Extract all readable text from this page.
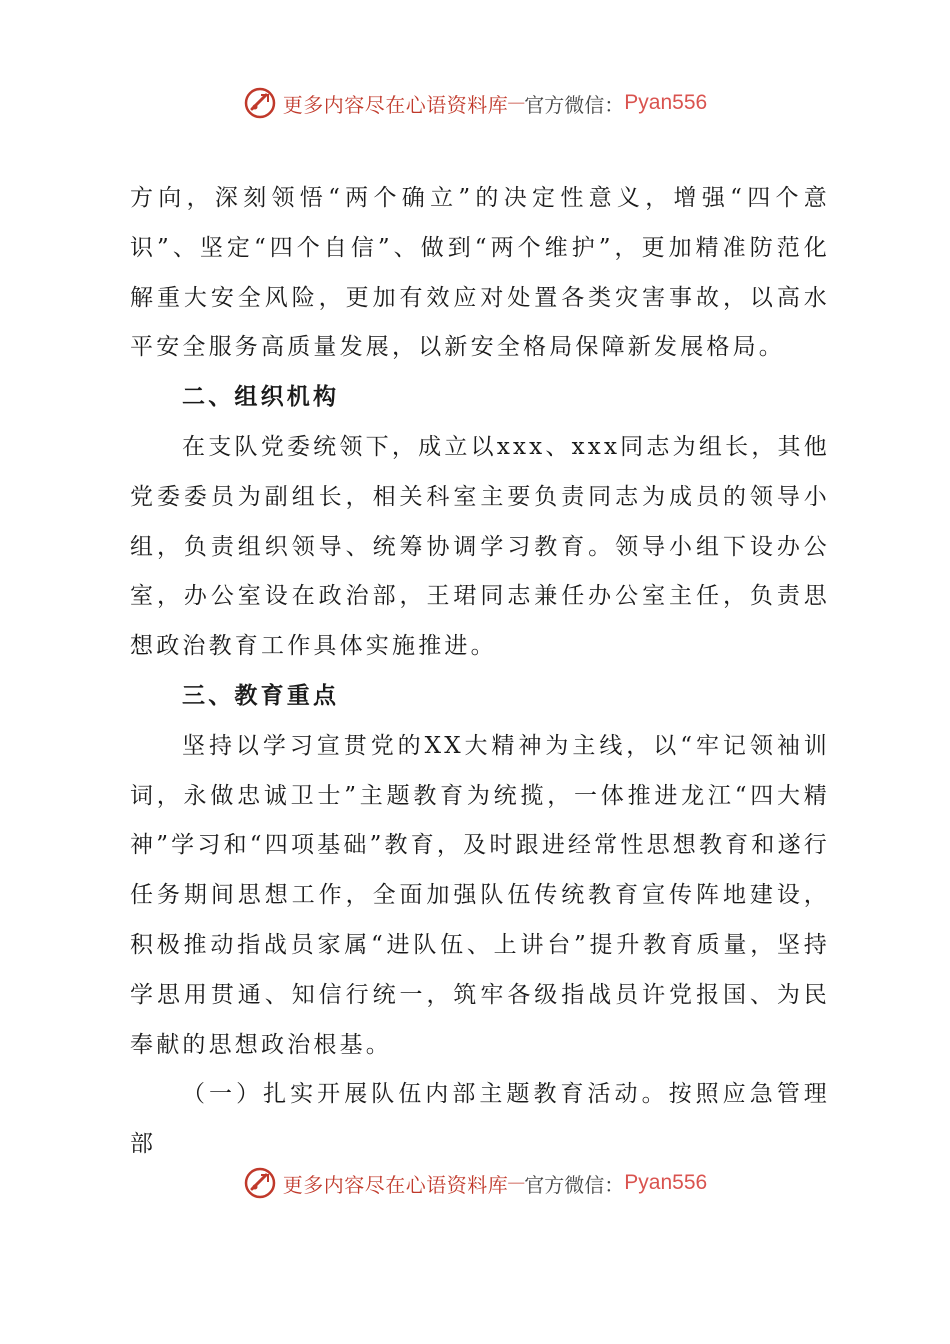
更多内容尽在心语资料库 — 官方微信： Pyan556

方向，深刻领悟“两个确立”的决定性意义，增强“四个意识”、坚定“四个自信”、做到“两个维护”，更加精准防范化解重大安全风险，更加有效应对处置各类灾害事故，以高水平安全服务高质量发展，以新安全格局保障新发展格局。

二、组织机构

在支队党委统领下，成立以xxx、xxx同志为组长，其他党委委员为副组长，相关科室主要负责同志为成员的领导小组，负责组织领导、统筹协调学习教育。领导小组下设办公室，办公室设在政治部，王珺同志兼任办公室主任，负责思想政治教育工作具体实施推进。

三、教育重点

坚持以学习宣贯党的XX大精神为主线，以“牢记领袖训词，永做忠诚卫士”主题教育为统揽，一体推进龙江“四大精神”学习和“四项基础”教育，及时跟进经常性思想教育和遂行任务期间思想工作，全面加强队伍传统教育宣传阵地建设，积极推动指战员家属“进队伍、上讲台”提升教育质量，坚持学思用贯通、知信行统一，筑牢各级指战员许党报国、为民奉献的思想政治根基。

（一）扎实开展队伍内部主题教育活动。按照应急管理部

更多内容尽在心语资料库 — 官方微信： Pyan556
